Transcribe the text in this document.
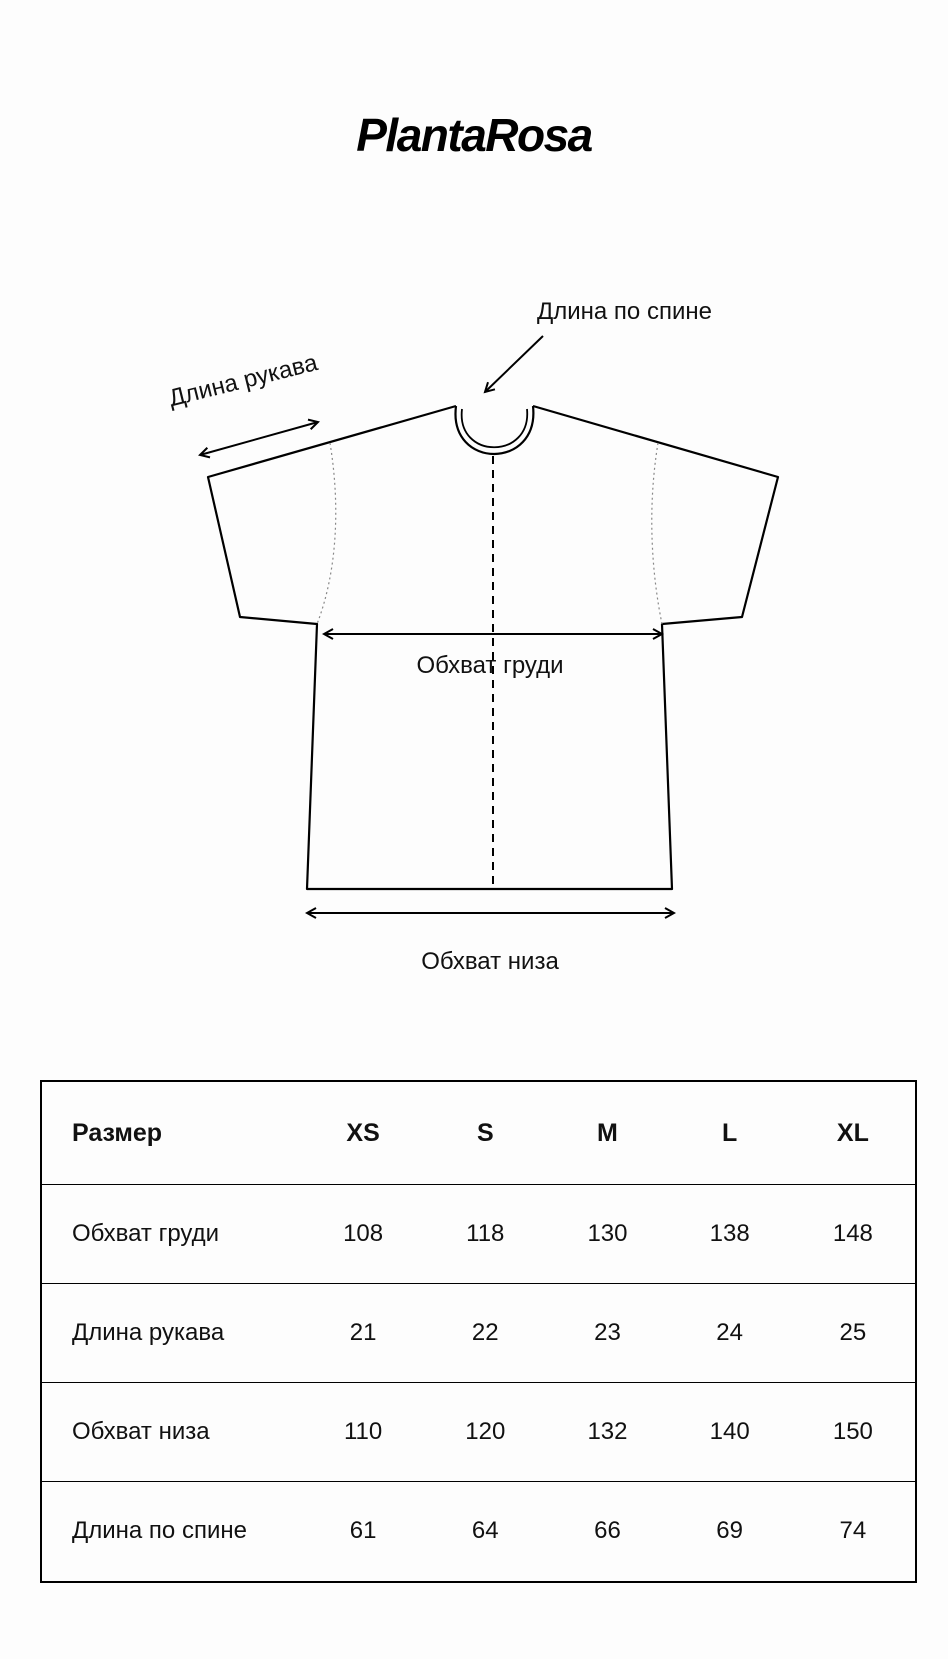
PlantaRosa
Длина по спине
Длина рукава
Обхват груди
Обхват низа
Размер	XS	S	M	L	XL
Обхват груди	108	118	130	138	148
Длина рукава	21	22	23	24	25
Обхват низа	110	120	132	140	150
Длина по спине	61	64	66	69	74
